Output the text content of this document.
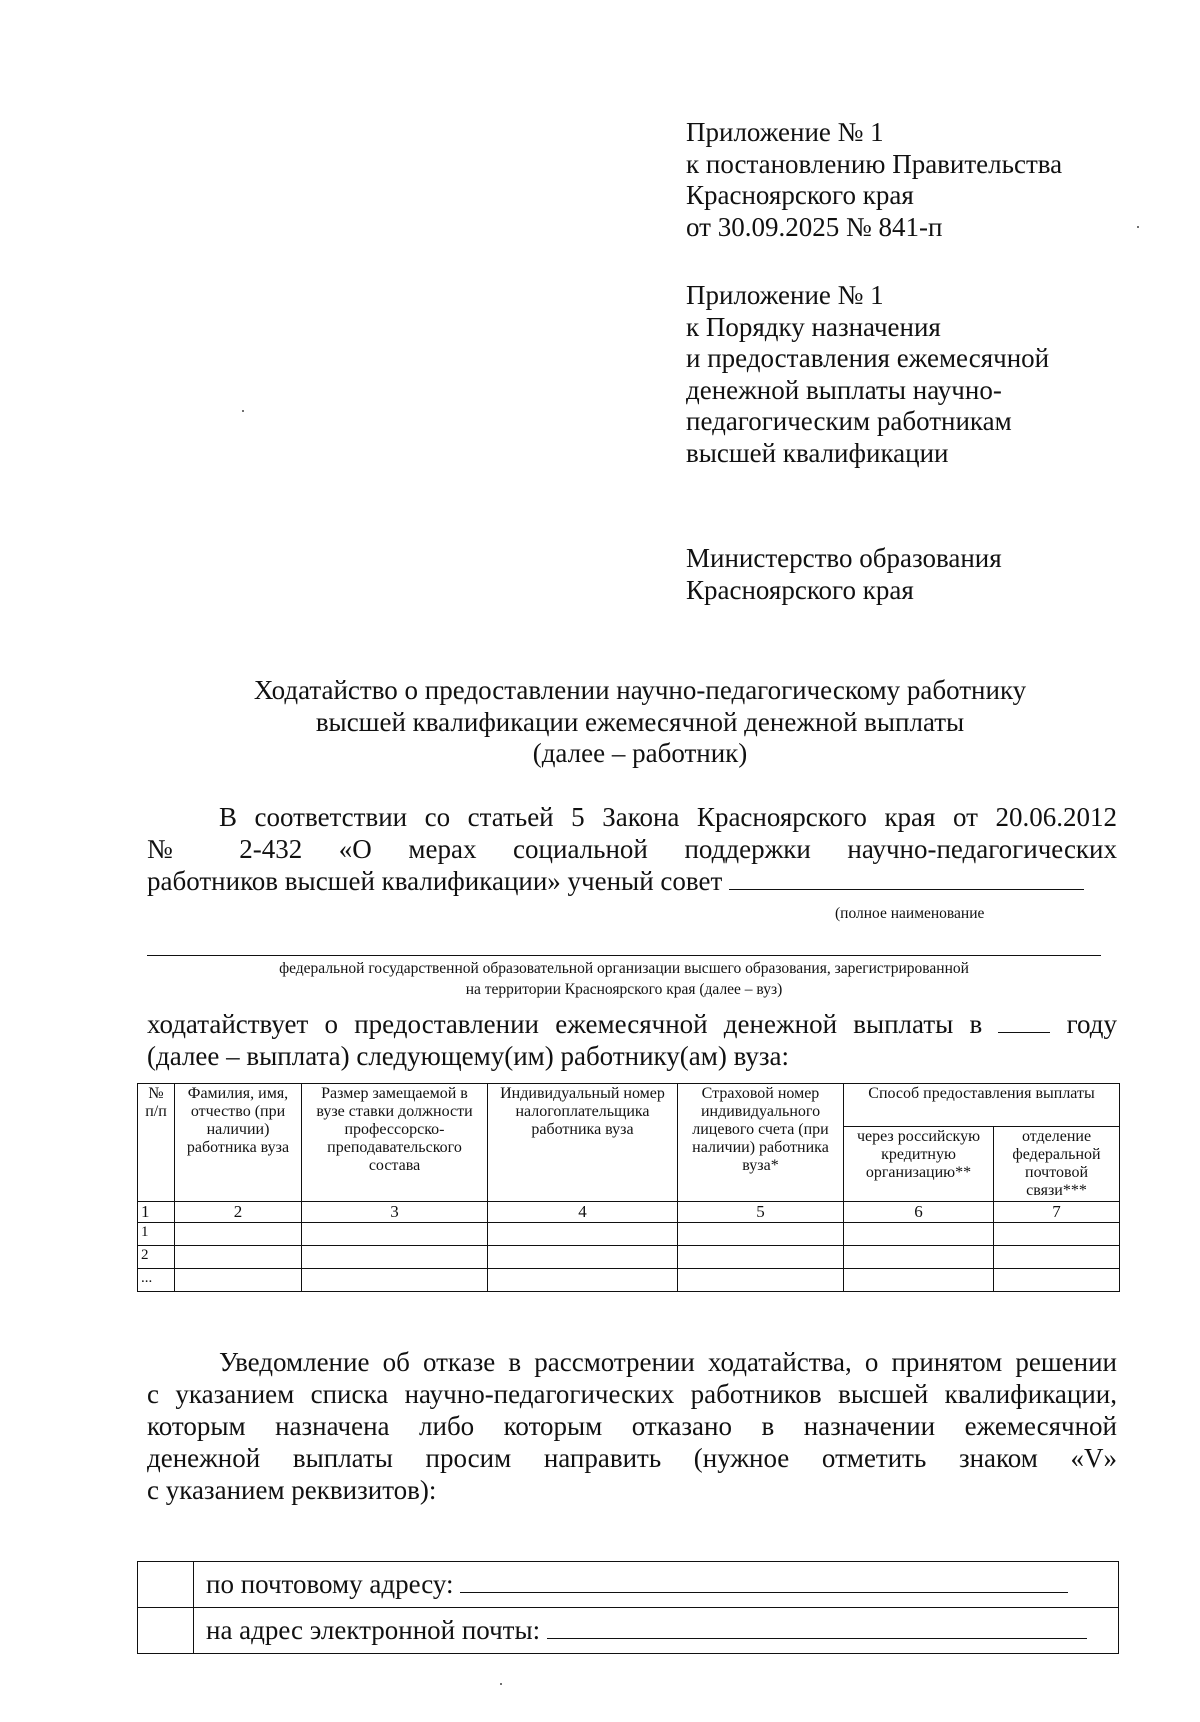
Приложение № 1
к постановлению Правительства
Красноярского края
от 30.09.2025 № 841-п
Приложение № 1
к Порядку назначения
и предоставления ежемесячной
денежной выплаты научно-
педагогическим работникам
высшей квалификации
Министерство образования
Красноярского края
Ходатайство о предоставлении научно-педагогическому работнику
высшей квалификации ежемесячной денежной выплаты
(далее – работник)
В соответствии со статьей 5 Закона Красноярского края от 20.06.2012
№ 2-432 «О мерах социальной поддержки научно-педагогических
работников высшей квалификации» ученый совет
(полное наименование
федеральной государственной образовательной организации высшего образования, зарегистрированной
на территории Красноярского края (далее – вуз)
ходатайствует о предоставлении ежемесячной денежной выплаты в	году
(далее – выплата) следующему(им) работнику(ам) вуза:
№ п/п	Фамилия, имя, отчество (при наличии) работника вуза	Размер замещаемой в вузе ставки должности профессорско-преподавательского состава	Индивидуальный номер налогоплательщика работника вуза	Страховой номер индивидуального лицевого счета (при наличии) работника вуза*	Способ предоставления выплаты	
					через российскую кредитную организацию**	отделение федеральной почтовой связи***
1	2	3	4	5	6	7
1						
2						
...						
Уведомление об отказе в рассмотрении ходатайства, о принятом решении
с указанием списка научно-педагогических работников высшей квалификации,
которым назначена либо которым отказано в назначении ежемесячной
денежной выплаты просим направить (нужное отметить знаком «V»
с указанием реквизитов):
	по почтовому адресу:
	на адрес электронной почты:
